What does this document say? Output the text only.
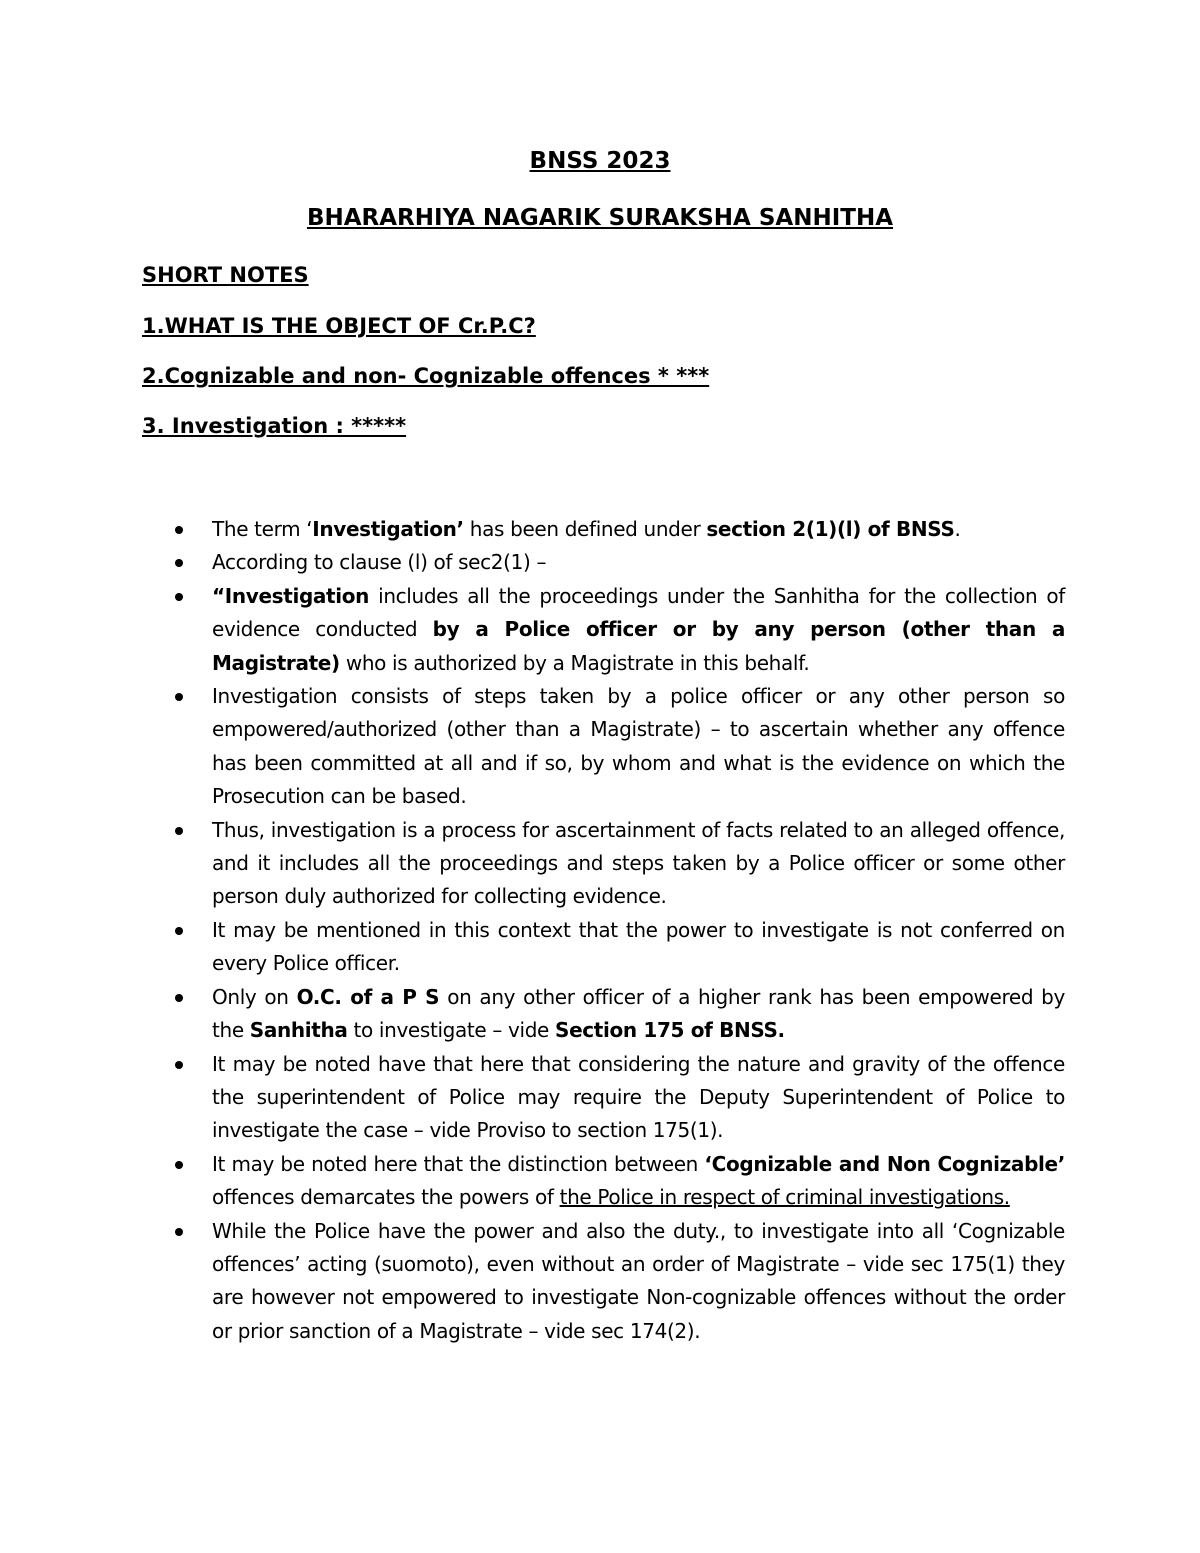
BNSS 2023
BHARARHIYA NAGARIK SURAKSHA SANHITHA
SHORT NOTES
1.WHAT IS THE OBJECT OF Cr.P.C?
2.Cognizable and non- Cognizable offences * ***
3. Investigation : *****
The term ‘Investigation’ has been defined under section 2(1)(l) of BNSS.
According to clause (l) of sec2(1) –
“Investigation includes all the proceedings under the Sanhitha for the collection of evidence conducted by a Police officer or by any person (other than a Magistrate) who is authorized by a Magistrate in this behalf.
Investigation consists of steps taken by a police officer or any other person so empowered/authorized (other than a Magistrate) – to ascertain whether any offence has been committed at all and if so, by whom and what is the evidence on which the Prosecution can be based.
Thus, investigation is a process for ascertainment of facts related to an alleged offence, and it includes all the proceedings and steps taken by a Police officer or some other person duly authorized for collecting evidence.
It may be mentioned in this context that the power to investigate is not conferred on every Police officer.
Only on O.C. of a P S on any other officer of a higher rank has been empowered by the Sanhitha to investigate – vide Section 175 of BNSS.
It may be noted have that here that considering the nature and gravity of the offence the superintendent of Police may require the Deputy Superintendent of Police to investigate the case – vide Proviso to section 175(1).
It may be noted here that the distinction between ‘Cognizable and Non Cognizable’ offences demarcates the powers of the Police in respect of criminal investigations.
While the Police have the power and also the duty., to investigate into all ‘Cognizable offences’ acting (suomoto), even without an order of Magistrate – vide sec 175(1) they are however not empowered to investigate Non-cognizable offences without the order or prior sanction of a Magistrate – vide sec 174(2).
